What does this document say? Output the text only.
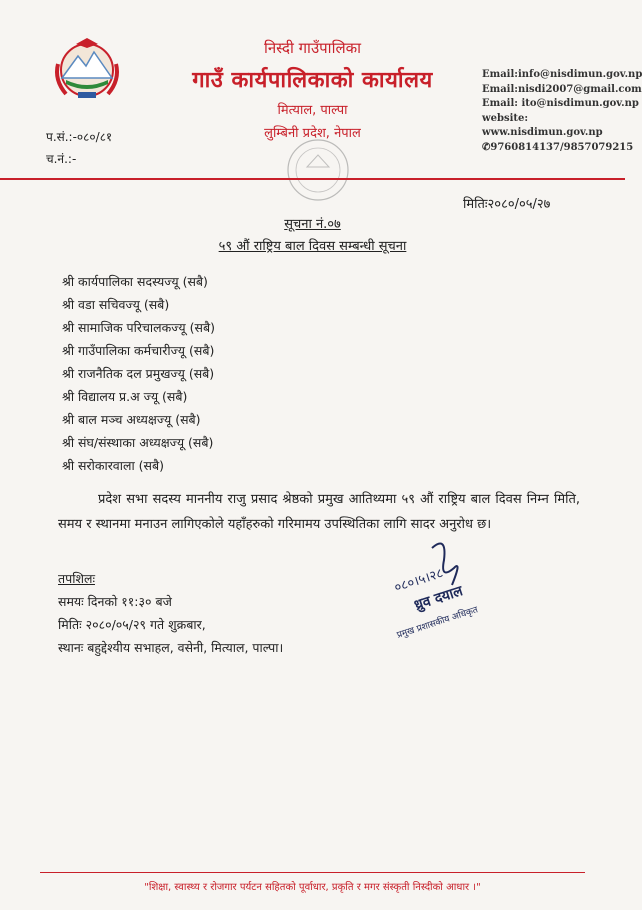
निस्दी गाउँपालिका
गाउँ कार्यपालिकाको कार्यालय
मित्याल, पाल्पा
लुम्बिनी प्रदेश, नेपाल
Email:info@nisdimun.gov.np
Email:nisdi2007@gmail.com
Email: ito@nisdimun.gov.np
website:
www.nisdimun.gov.np
✆9760814137/9857079215
प.सं.:-०८०/८१
च.नं.:-
मितिः२०८०/०५/२७
सूचना नं.०७
५९ औं राष्ट्रिय बाल दिवस सम्बन्धी सूचना
श्री कार्यपालिका सदस्यज्यू (सबै)
श्री वडा सचिवज्यू (सबै)
श्री सामाजिक परिचालकज्यू (सबै)
श्री गाउँपालिका कर्मचारीज्यू (सबै)
श्री राजनैतिक दल प्रमुखज्यू (सबै)
श्री विद्यालय प्र.अ ज्यू (सबै)
श्री बाल मञ्च अध्यक्षज्यू (सबै)
श्री संघ/संस्थाका अध्यक्षज्यू (सबै)
श्री सरोकारवाला (सबै)
प्रदेश सभा सदस्य माननीय राजु प्रसाद श्रेष्ठको प्रमुख आतिथ्यमा ५९ औं राष्ट्रिय बाल दिवस निम्न मिति, समय र स्थानमा मनाउन लागिएकोले यहाँहरुको गरिमामय उपस्थितिका लागि सादर अनुरोध छ।
तपशिलः
समयः दिनको ११:३० बजे
मितिः २०८०/०५/२९ गते शुक्रबार,
स्थानः बहुद्देश्यीय सभाहल, वसेनी, मित्याल, पाल्पा।
०८०।५।२८
ध्रुव दयाल
प्रमुख प्रशासकीय अधिकृत
"शिक्षा, स्वास्थ्य र रोजगार पर्यटन सहितको पूर्वाधार, प्रकृति र मगर संस्कृती निस्दीको आधार ।"
